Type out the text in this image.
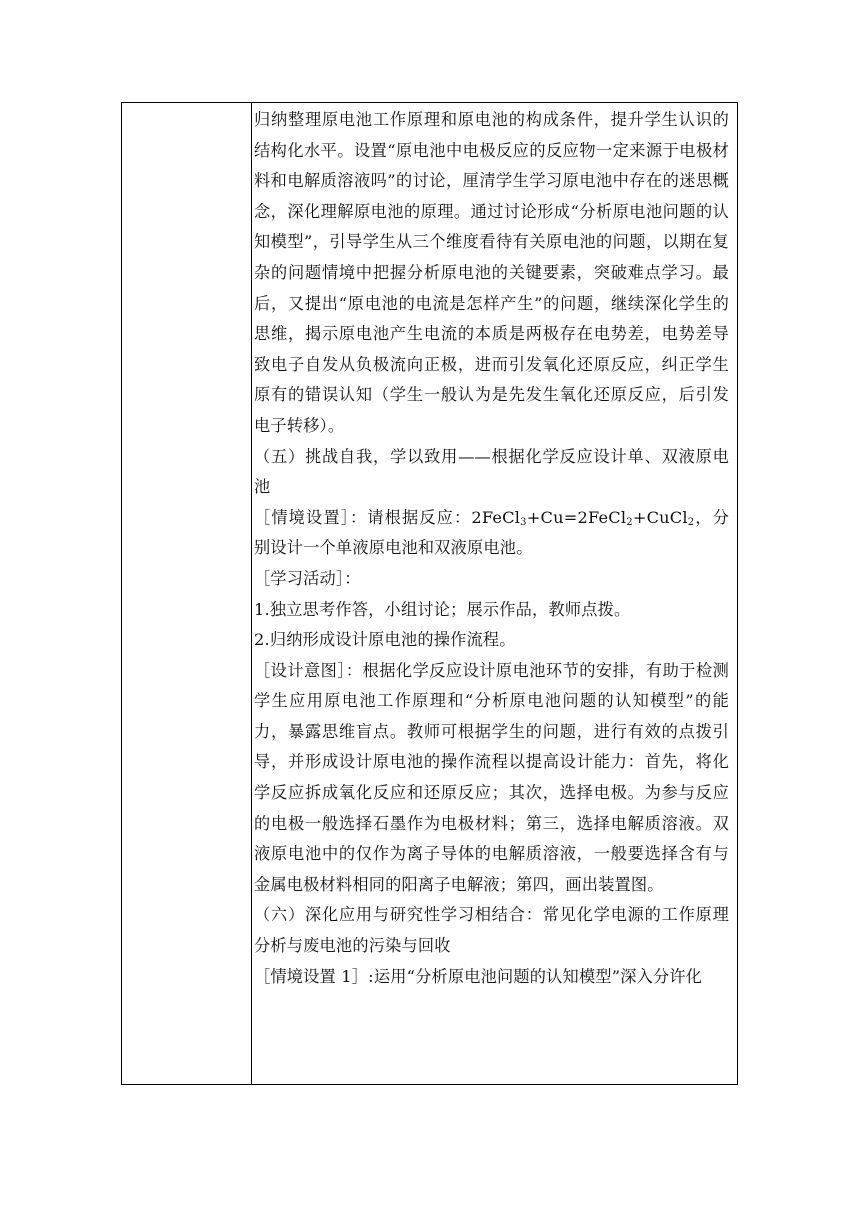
归纳整理原电池工作原理和原电池的构成条件，提升学生认识的结构化水平。设置“原电池中电极反应的反应物一定来源于电极材料和电解质溶液吗”的讨论，厘清学生学习原电池中存在的迷思概念，深化理解原电池的原理。通过讨论形成“分析原电池问题的认知模型”，引导学生从三个维度看待有关原电池的问题，以期在复杂的问题情境中把握分析原电池的关键要素，突破难点学习。最后，又提出“原电池的电流是怎样产生”的问题，继续深化学生的思维，揭示原电池产生电流的本质是两极存在电势差，电势差导致电子自发从负极流向正极，进而引发氧化还原反应，纠正学生原有的错误认知（学生一般认为是先发生氧化还原反应，后引发电子转移）。

（五）挑战自我，学以致用——根据化学反应设计单、双液原电池

［情境设置］：请根据反应：2FeCl$_3$+Cu=2FeCl$_2$+CuCl$_2$，分别设计一个单液原电池和双液原电池。

［学习活动］：

1.独立思考作答，小组讨论；展示作品，教师点拨。

2.归纳形成设计原电池的操作流程。

［设计意图］：根据化学反应设计原电池环节的安排，有助于检测学生应用原电池工作原理和“分析原电池问题的认知模型”的能力，暴露思维盲点。教师可根据学生的问题，进行有效的点拨引导，并形成设计原电池的操作流程以提高设计能力：首先，将化学反应拆成氧化反应和还原反应；其次，选择电极。为参与反应的电极一般选择石墨作为电极材料；第三，选择电解质溶液。双液原电池中的仅作为离子导体的电解质溶液，一般要选择含有与金属电极材料相同的阳离子电解液；第四，画出装置图。

（六）深化应用与研究性学习相结合：常见化学电源的工作原理分析与废电池的污染与回收

［情境设置 1］:运用“分析原电池问题的认知模型”深入分许化
